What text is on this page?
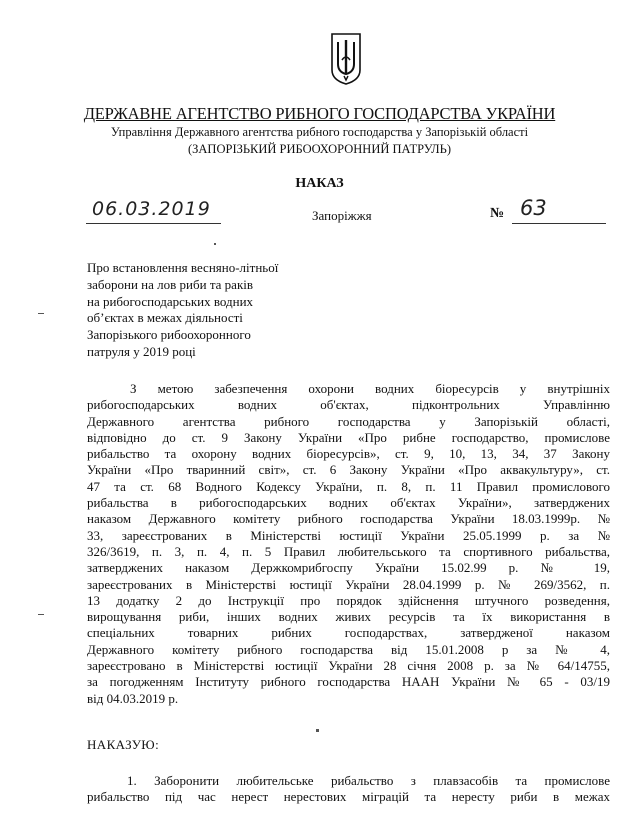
ДЕРЖАВНЕ АГЕНТСТВО РИБНОГО ГОСПОДАРСТВА УКРАЇНИ
Управління Державного агентства рибного господарства у Запорізькій області
(ЗАПОРІЗЬКИЙ РИБООХОРОННИЙ ПАТРУЛЬ)
НАКАЗ
06.03.2019	Запоріжжя	№ 63
Про встановлення весняно-літньої
заборони на лов риби та раків
на рибогосподарських водних
об’єктах в межах діяльності
Запорізького рибоохоронного
патруля у 2019 році
З метою забезпечення охорони водних біоресурсів у внутрішніх
рибогосподарських водних об'єктах, підконтрольних Управлінню
Державного агентства рибного господарства у Запорізькій області,
відповідно до ст. 9 Закону України «Про рибне господарство, промислове
рибальство та охорону водних біоресурсів», ст. 9, 10, 13, 34, 37 Закону
України «Про тваринний світ», ст. 6 Закону України «Про аквакультуру», ст.
47 та ст. 68 Водного Кодексу України, п. 8, п. 11 Правил промислового
рибальства в рибогосподарських водних об'єктах України», затверджених
наказом Державного комітету рибного господарства України 18.03.1999р. №
33, зареєстрованих в Міністерстві юстиції України 25.05.1999 р. за №
326/3619, п. 3, п. 4, п. 5 Правил любительського та спортивного рибальства,
затверджених наказом Держкомрибгоспу України 15.02.99 р. № 19,
зареєстрованих в Міністерстві юстиції України 28.04.1999 р. № 269/3562, п.
13 додатку 2 до Інструкції про порядок здійснення штучного розведення,
вирощування риби, інших водних живих ресурсів та їх використання в
спеціальних товарних рибних господарствах, затвердженої наказом
Державного комітету рибного господарства від 15.01.2008 р за № 4,
зареєстровано в Міністерстві юстиції України 28 січня 2008 р. за № 64/14755,
за погодженням Інституту рибного господарства НААН України № 65 - 03/19
від 04.03.2019 р.
НАКАЗУЮ:
1. Заборонити любительське рибальство з плавзасобів та промислове
рибальство під час нерест нерестових міграцій та нересту риби в межах
